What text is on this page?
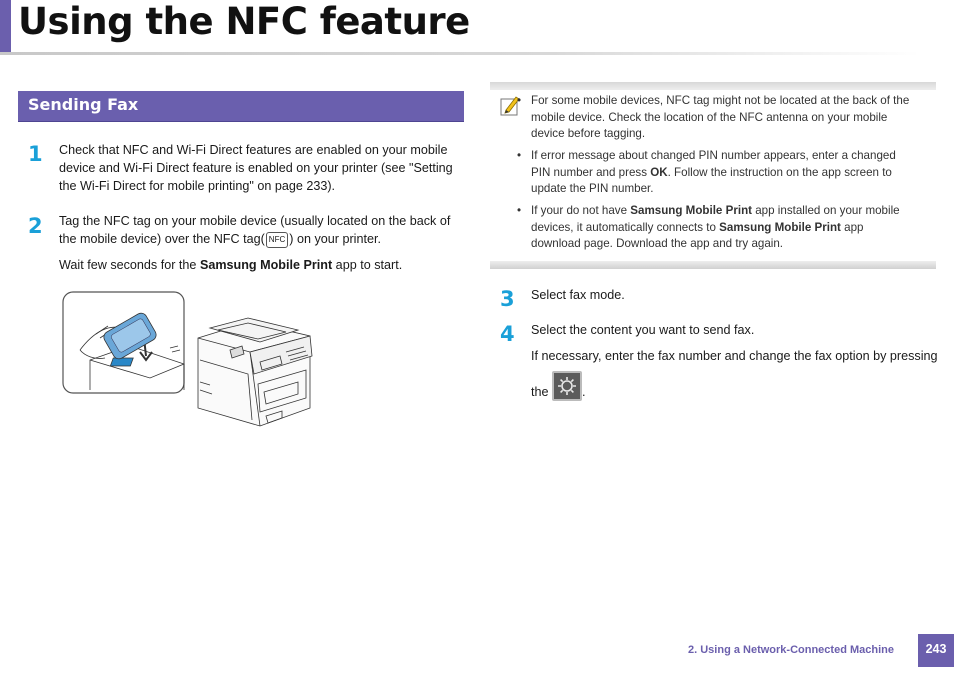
Using the NFC feature
Sending Fax
1 Check that NFC and Wi-Fi Direct features are enabled on your mobile
device and Wi-Fi Direct feature is enabled on your printer (see "Setting
the Wi-Fi Direct for mobile printing" on page 233).
2 Tag the NFC tag on your mobile device (usually located on the back of
the mobile device) over the NFC tag( NFC ) on your printer.
Wait few seconds for the Samsung Mobile Print app to start.
• For some mobile devices, NFC tag might not be located at the back of the
mobile device. Check the location of the NFC antenna on your mobile
device before tagging.
• If error message about changed PIN number appears, enter a changed
PIN number and press OK. Follow the instruction on the app screen to
update the PIN number.
• If your do not have Samsung Mobile Print app installed on your mobile
devices, it automatically connects to Samsung Mobile Print app
download page. Download the app and try again.
3 Select fax mode.
4 Select the content you want to send fax.
If necessary, enter the fax number and change the fax option by pressing
the	.
2. Using a Network-Connected Machine	243
